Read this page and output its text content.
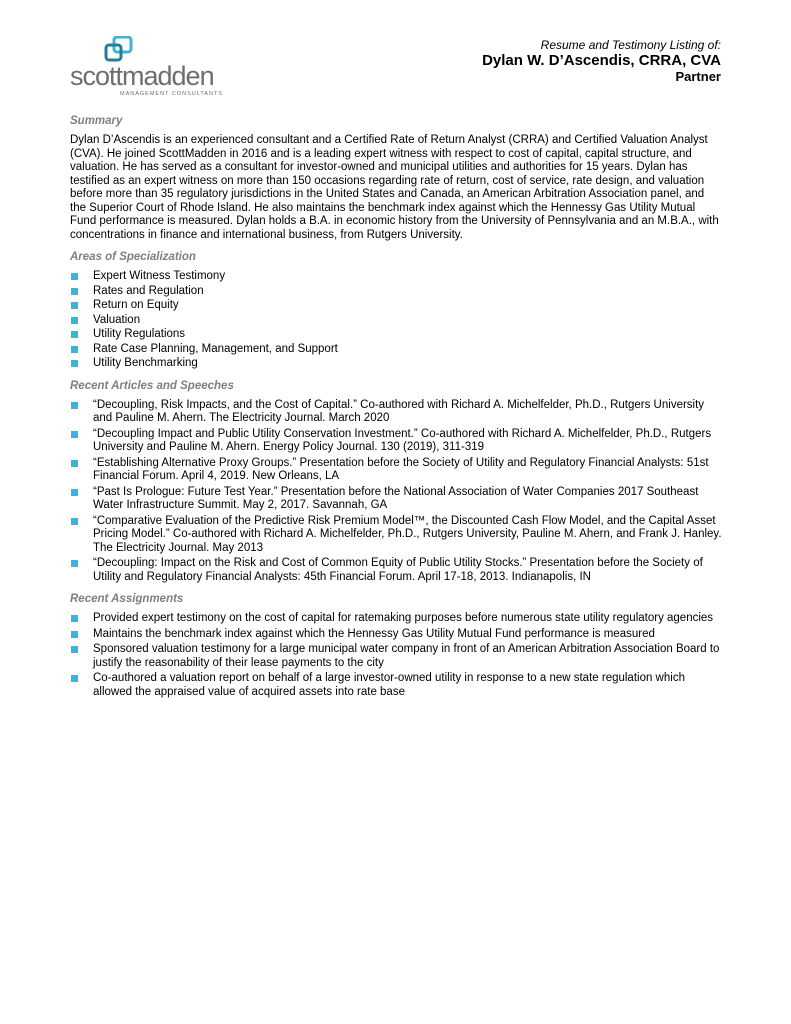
scottmadden
MANAGEMENT CONSULTANTS
Resume and Testimony Listing of:
Dylan W. D’Ascendis, CRRA, CVA
Partner
Summary

Dylan D’Ascendis is an experienced consultant and a Certified Rate of Return Analyst (CRRA) and Certified Valuation Analyst (CVA). He joined ScottMadden in 2016 and is a leading expert witness with respect to cost of capital, capital structure, and valuation. He has served as a consultant for investor-owned and municipal utilities and authorities for 15 years. Dylan has testified as an expert witness on more than 150 occasions regarding rate of return, cost of service, rate design, and valuation before more than 35 regulatory jurisdictions in the United States and Canada, an American Arbitration Association panel, and the Superior Court of Rhode Island. He also maintains the benchmark index against which the Hennessy Gas Utility Mutual Fund performance is measured. Dylan holds a B.A. in economic history from the University of Pennsylvania and an M.B.A., with concentrations in finance and international business, from Rutgers University.

Areas of Specialization
Expert Witness Testimony
Rates and Regulation
Return on Equity
Valuation
Utility Regulations
Rate Case Planning, Management, and Support
Utility Benchmarking
Recent Articles and Speeches
“Decoupling, Risk Impacts, and the Cost of Capital.” Co-authored with Richard A. Michelfelder, Ph.D., Rutgers University and Pauline M. Ahern. The Electricity Journal. March 2020
“Decoupling Impact and Public Utility Conservation Investment.” Co-authored with Richard A. Michelfelder, Ph.D., Rutgers University and Pauline M. Ahern. Energy Policy Journal. 130 (2019), 311-319
“Establishing Alternative Proxy Groups.” Presentation before the Society of Utility and Regulatory Financial Analysts: 51st Financial Forum. April 4, 2019. New Orleans, LA
“Past Is Prologue: Future Test Year.” Presentation before the National Association of Water Companies 2017 Southeast Water Infrastructure Summit. May 2, 2017. Savannah, GA
“Comparative Evaluation of the Predictive Risk Premium Model™, the Discounted Cash Flow Model, and the Capital Asset Pricing Model.” Co-authored with Richard A. Michelfelder, Ph.D., Rutgers University, Pauline M. Ahern, and Frank J. Hanley. The Electricity Journal. May 2013
“Decoupling: Impact on the Risk and Cost of Common Equity of Public Utility Stocks.” Presentation before the Society of Utility and Regulatory Financial Analysts: 45th Financial Forum. April 17-18, 2013. Indianapolis, IN
Recent Assignments
Provided expert testimony on the cost of capital for ratemaking purposes before numerous state utility regulatory agencies
Maintains the benchmark index against which the Hennessy Gas Utility Mutual Fund performance is measured
Sponsored valuation testimony for a large municipal water company in front of an American Arbitration Association Board to justify the reasonability of their lease payments to the city
Co-authored a valuation report on behalf of a large investor-owned utility in response to a new state regulation which allowed the appraised value of acquired assets into rate base
